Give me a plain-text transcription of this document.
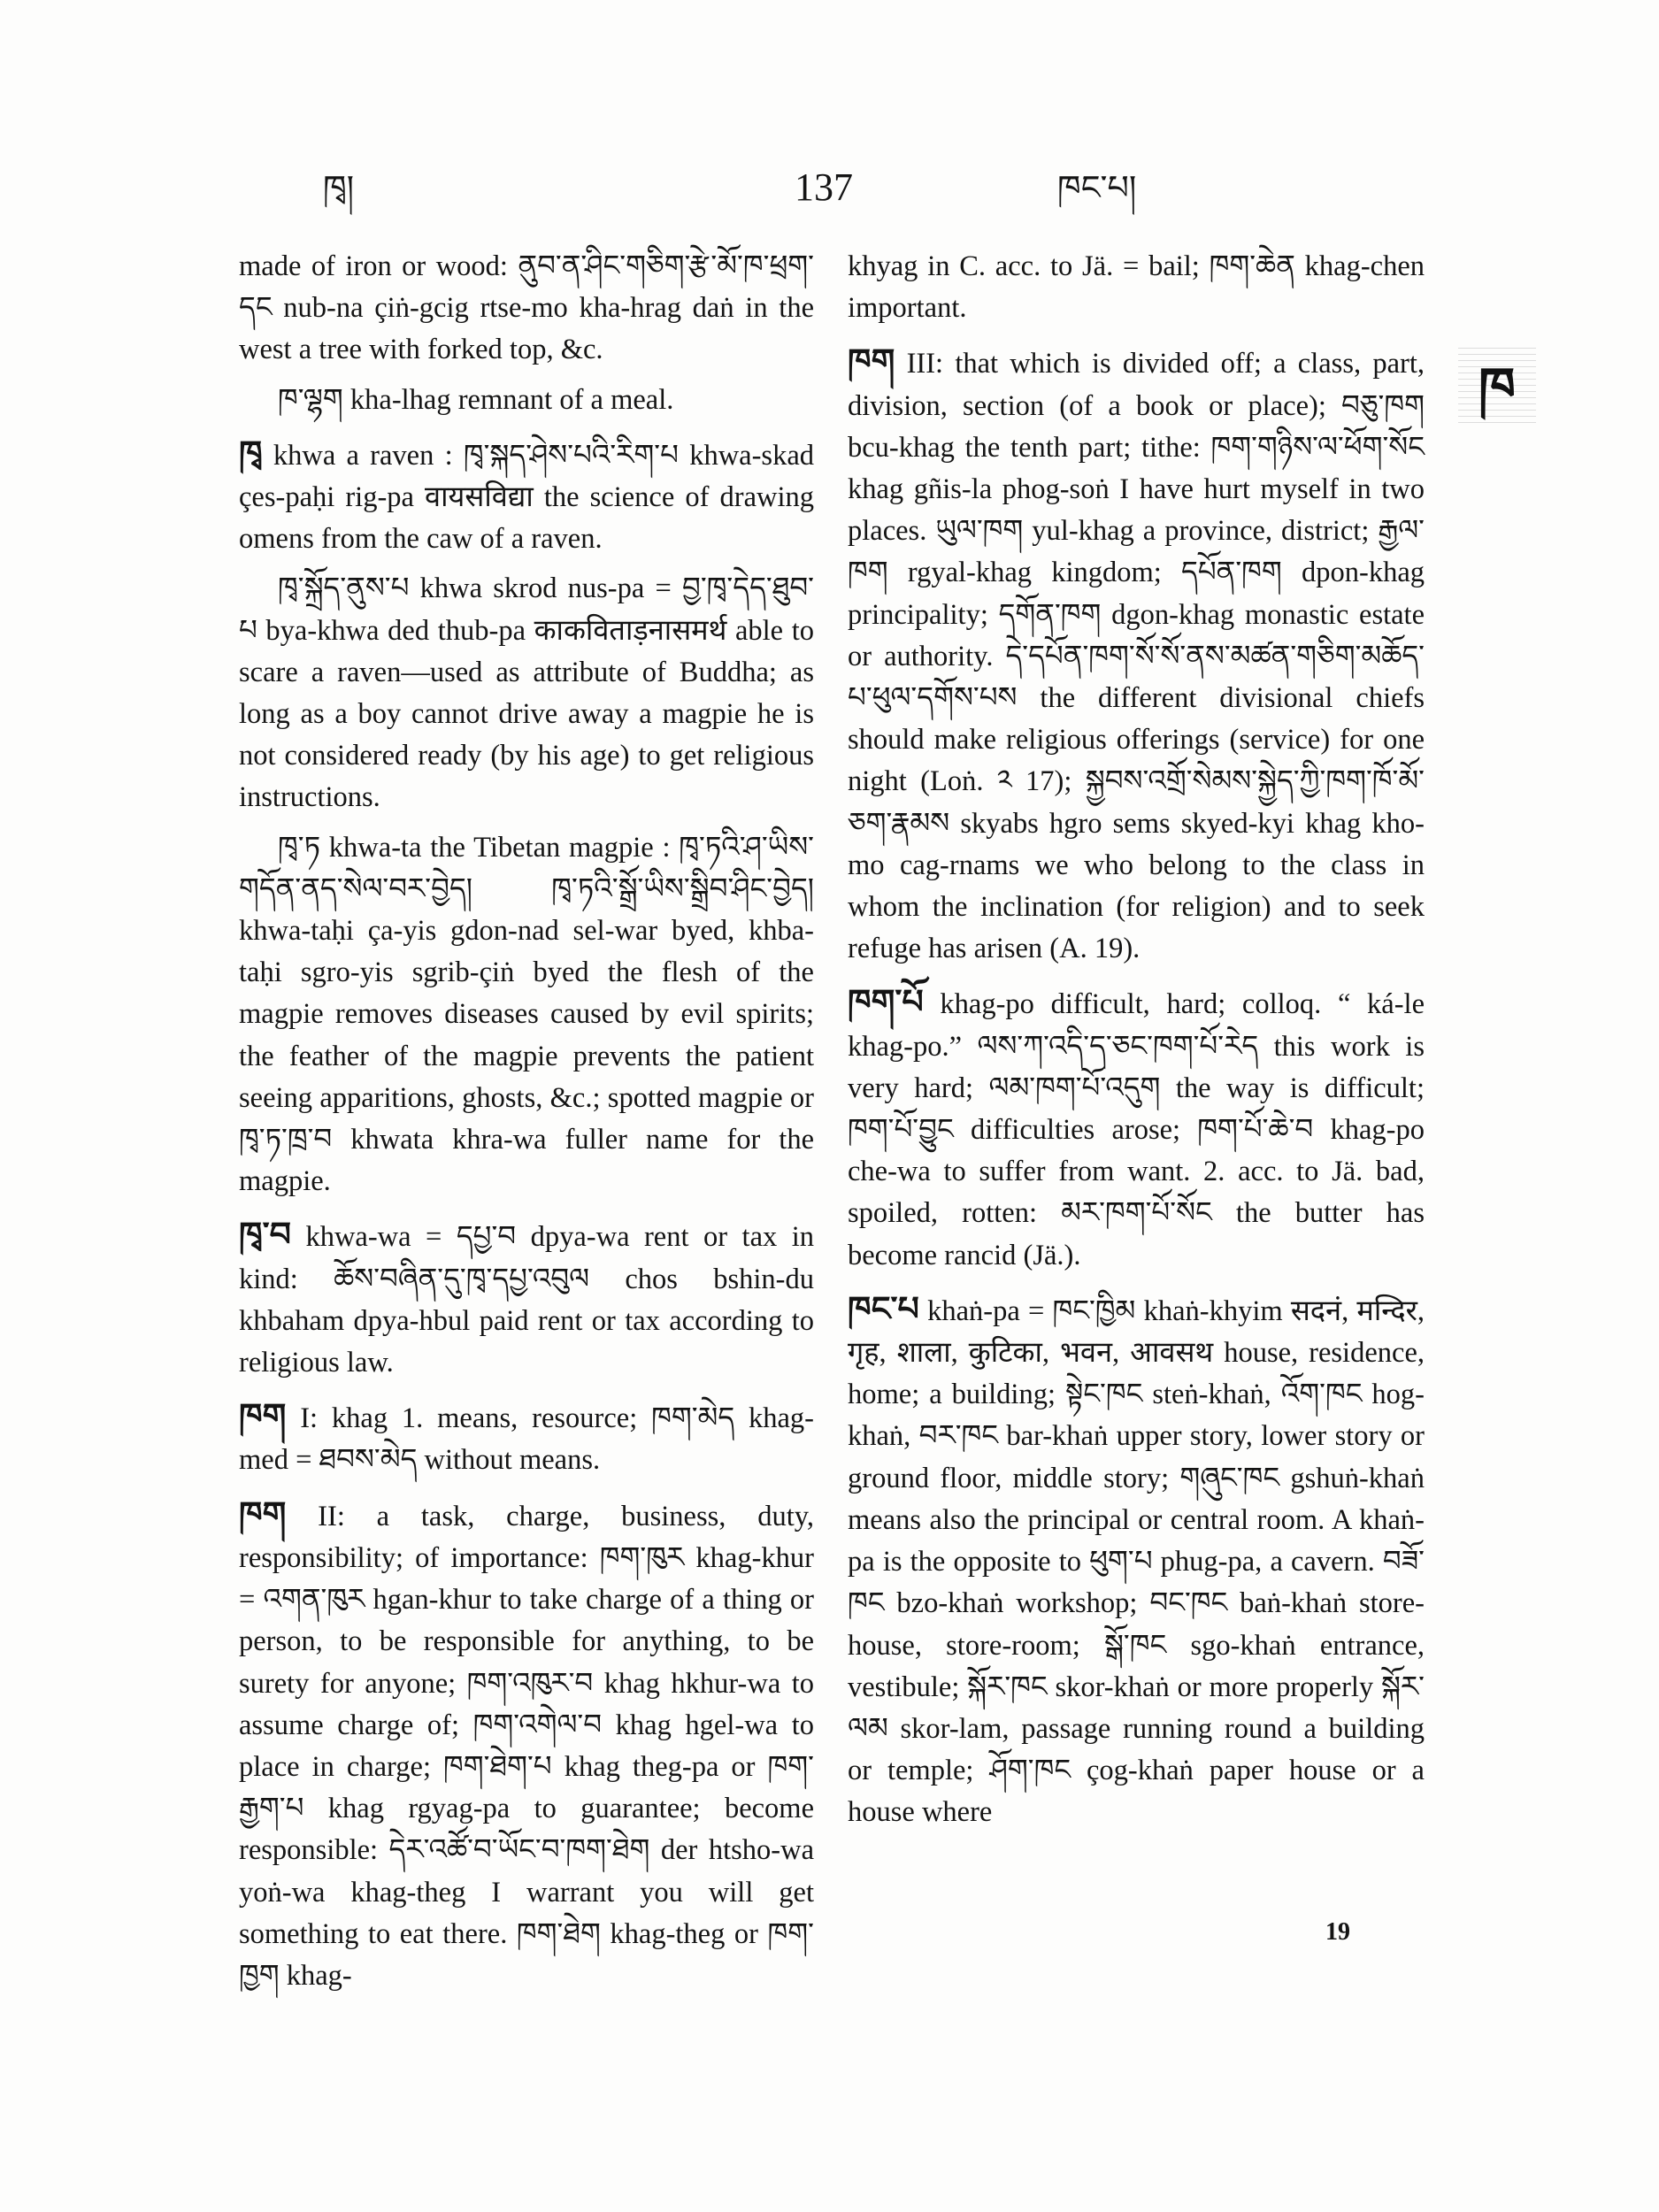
ཁྭ།	137	ཁང་པ།
ཁ

made of iron or wood: ནུབ་ན་ཤིང་གཅིག་རྩེ་མོ་ཁ་ཕྲག་དང nub-na çiṅ-gcig rtse-mo kha-hrag daṅ in the west a tree with forked top, &c.

ཁ་ལྷག kha-lhag remnant of a meal.

ཁྭ khwa a raven : ཁྭ་སྐད་ཤེས་པའི་རིག་པ khwa-skad çes-paḥi rig-pa वायसविद्या the science of drawing omens from the caw of a raven.

ཁྭ་སྐྲོད་ནུས་པ khwa skrod nus-pa = བྱ་ཁྭ་དེད་ཐུབ་པ bya-khwa ded thub-pa काकविताड़नासमर्थ able to scare a raven—used as attribute of Buddha; as long as a boy cannot drive away a magpie he is not considered ready (by his age) to get religious instructions.

ཁྭ་ཏ khwa-ta the Tibetan magpie : ཁྭ་ཏའི་ཤ་ཡིས་གདོན་ནད་སེལ་བར་བྱེད། ཁྭ་ཏའི་སྒྲོ་ཡིས་སྒྲིབ་ཤིང་བྱེད། khwa-taḥi ça-yis gdon-nad sel-war byed, khba-taḥi sgro-yis sgrib-çiṅ byed the flesh of the magpie removes diseases caused by evil spirits; the feather of the magpie prevents the patient seeing apparitions, ghosts, &c.; spotted magpie or ཁྭ་ཏ་ཁྲ་བ khwata khra-wa fuller name for the magpie.

ཁྭ་བ khwa-wa = དཔྱ་བ dpya-wa rent or tax in kind: ཆོས་བཞིན་དུ་ཁྭ་དཔྱ་འབུལ chos bshin-du khbaham dpya-hbul paid rent or tax according to religious law.

ཁག I: khag 1. means, resource; ཁག་མེད khag-med = ཐབས་མེད without means.

ཁག II: a task, charge, business, duty, responsibility; of importance: ཁག་ཁུར khag-khur = འགན་ཁུར hgan-khur to take charge of a thing or person, to be responsible for anything, to be surety for anyone; ཁག་འཁུར་བ khag hkhur-wa to assume charge of; ཁག་འགེལ་བ khag hgel-wa to place in charge; ཁག་ཐེག་པ khag theg-pa or ཁག་རྒྱག་པ khag rgyag-pa to guarantee; become responsible: དེར་འཚོ་བ་ཡོང་བ་ཁག་ཐེག der htsho-wa yoṅ-wa khag-theg I warrant you will get something to eat there. ཁག་ཐེག khag-theg or ཁག་ཁྱག khag-

khyag in C. acc. to Jä. = bail; ཁག་ཆེན khag-chen important.

ཁག III: that which is divided off; a class, part, division, section (of a book or place); བཅུ་ཁག bcu-khag the tenth part; tithe: ཁག་གཉིས་ལ་ཕོག་སོང khag gñis-la phog-soṅ I have hurt myself in two places. ཡུལ་ཁག yul-khag a province, district; རྒྱལ་ཁག rgyal-khag kingdom; དཔོན་ཁག dpon-khag principality; དགོན་ཁག dgon-khag monastic estate or authority. དེ་དཔོན་ཁག་སོ་སོ་ནས་མཚན་གཅིག་མཆོད་པ་ཕུལ་དགོས་པས the different divisional chiefs should make religious offerings (service) for one night (Loṅ. ༢ 17); སྐྱབས་འགྲོ་སེམས་སྐྱེད་ཀྱི་ཁག་ཁོ་མོ་ཅག་རྣམས skyabs hgro sems skyed-kyi khag kho-mo cag-rnams we who belong to the class in whom the inclination (for religion) and to seek refuge has arisen (A. 19).

ཁག་པོ khag-po difficult, hard; colloq. “ ká-le khag-po.” ལས་ཀ་འདི་ད་ཅང་ཁག་པོ་རེད this work is very hard; ལམ་ཁག་པོ་འདུག the way is difficult; ཁག་པོ་བྱུང difficulties arose; ཁག་པོ་ཆེ་བ khag-po che-wa to suffer from want. 2. acc. to Jä. bad, spoiled, rotten: མར་ཁག་པོ་སོང the butter has become rancid (Jä.).

ཁང་པ khaṅ-pa = ཁང་ཁྱིམ khaṅ-khyim सदनं, मन्दिर, गृह, शाला, कुटिका, भवन, आवसथ house, residence, home; a building; སྟེང་ཁང steṅ-khaṅ, འོག་ཁང hog-khaṅ, བར་ཁང bar-khaṅ upper story, lower story or ground floor, middle story; གཞུང་ཁང gshuṅ-khaṅ means also the principal or central room. A khaṅ-pa is the opposite to ཕུག་པ phug-pa, a cavern. བཟོ་ཁང bzo-khaṅ workshop; བང་ཁང baṅ-khaṅ store-house, store-room; སྒོ་ཁང sgo-khaṅ entrance, vestibule; སྐོར་ཁང skor-khaṅ or more properly སྐོར་ལམ skor-lam, passage running round a building or temple; ཤོག་ཁང çog-khaṅ paper house or a house where

19
